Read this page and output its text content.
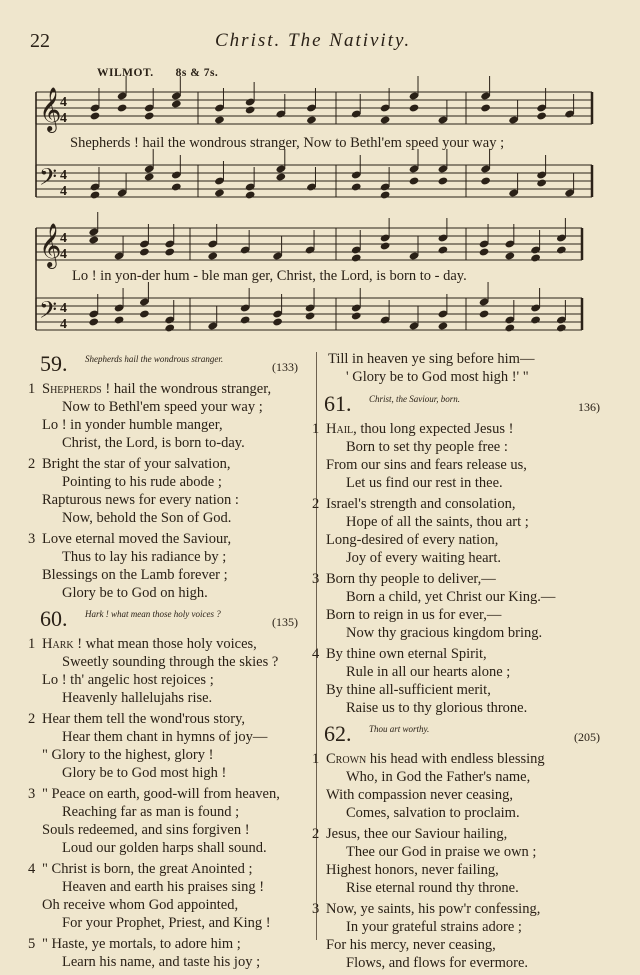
22	Christ. The Nativity.
WILMOT. 8s & 7s.
𝄞
4
4
𝄢 4
4
𝄞
4
4
𝄢 4
4
Shepherds ! hail the wondrous stranger, Now to Bethl'em speed your way ;
Lo ! in yon-der hum - ble man ger, Christ, the Lord, is born to - day.
59. Shepherds hail the wondrous stranger.
(133)
1 Shepherds ! hail the wondrous stranger,
Now to Bethl'em speed your way ;
Lo ! in yonder humble manger,
Christ, the Lord, is born to-day.
2 Bright the star of your salvation,
Pointing to his rude abode ;
Rapturous news for every nation :
Now, behold the Son of God.
3 Love eternal moved the Saviour,
Thus to lay his radiance by ;
Blessings on the Lamb forever ;
Glory be to God on high.
60. Hark ! what mean those holy voices ?
(135)
1 Hark ! what mean those holy voices,
Sweetly sounding through the skies ?
Lo ! th' angelic host rejoices ;
Heavenly hallelujahs rise.
2 Hear them tell the wond'rous story,
Hear them chant in hymns of joy—
" Glory to the highest, glory !
Glory be to God most high !
3 " Peace on earth, good-will from heaven,
Reaching far as man is found ;
Souls redeemed, and sins forgiven !
Loud our golden harps shall sound.
4 " Christ is born, the great Anointed ;
Heaven and earth his praises sing !
Oh receive whom God appointed,
For your Prophet, Priest, and King !
5 " Haste, ye mortals, to adore him ;
Learn his name, and taste his joy ;
Till in heaven ye sing before him—
' Glory be to God most high !' "
61. Christ, the Saviour, born.
136)
1 Hail, thou long expected Jesus !
Born to set thy people free :
From our sins and fears release us,
Let us find our rest in thee.
2 Israel's strength and consolation,
Hope of all the saints, thou art ;
Long-desired of every nation,
Joy of every waiting heart.
3 Born thy people to deliver,—
Born a child, yet Christ our King.—
Born to reign in us for ever,—
Now thy gracious kingdom bring.
4 By thine own eternal Spirit,
Rule in all our hearts alone ;
By thine all-sufficient merit,
Raise us to thy glorious throne.
62. Thou art worthy.
(205)
1 Crown his head with endless blessing
Who, in God the Father's name,
With compassion never ceasing,
Comes, salvation to proclaim.
2 Jesus, thee our Saviour hailing,
Thee our God in praise we own ;
Highest honors, never failing,
Rise eternal round thy throne.
3 Now, ye saints, his pow'r confessing,
In your grateful strains adore ;
For his mercy, never ceasing,
Flows, and flows for evermore.
